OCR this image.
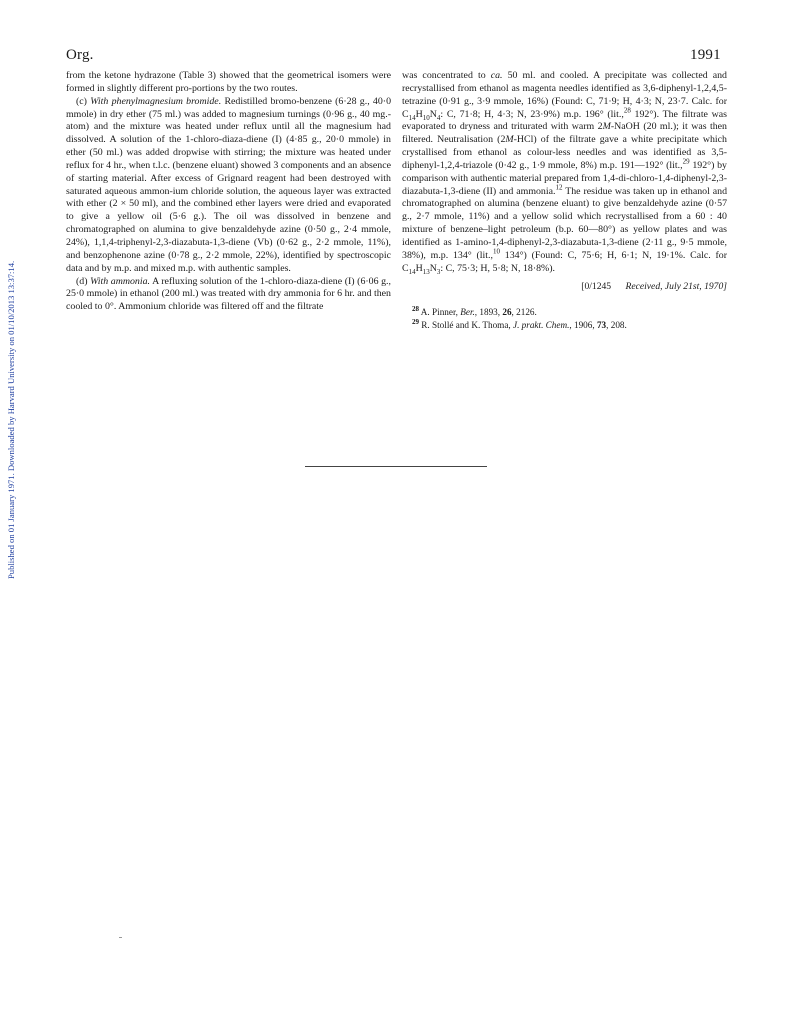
Org.	1991
Published on 01 January 1971. Downloaded by Harvard University on 01/10/2013 13:37:14.

from the ketone hydrazone (Table 3) showed that the geometrical isomers were formed in slightly different pro-portions by the two routes.

(c) With phenylmagnesium bromide. Redistilled bromo-benzene (6·28 g., 40·0 mmole) in dry ether (75 ml.) was added to magnesium turnings (0·96 g., 40 mg.-atom) and the mixture was heated under reflux until all the magnesium had dissolved. A solution of the 1-chloro-diaza-diene (I) (4·85 g., 20·0 mmole) in ether (50 ml.) was added dropwise with stirring; the mixture was heated under reflux for 4 hr., when t.l.c. (benzene eluant) showed 3 components and an absence of starting material. After excess of Grignard reagent had been destroyed with saturated aqueous ammon-ium chloride solution, the aqueous layer was extracted with ether (2 × 50 ml), and the combined ether layers were dried and evaporated to give a yellow oil (5·6 g.). The oil was dissolved in benzene and chromatographed on alumina to give benzaldehyde azine (0·50 g., 2·4 mmole, 24%), 1,1,4-triphenyl-2,3-diazabuta-1,3-diene (Vb) (0·62 g., 2·2 mmole, 11%), and benzophenone azine (0·78 g., 2·2 mmole, 22%), identified by spectroscopic data and by m.p. and mixed m.p. with authentic samples.

(d) With ammonia. A refluxing solution of the 1-chloro-diaza-diene (I) (6·06 g., 25·0 mmole) in ethanol (200 ml.) was treated with dry ammonia for 6 hr. and then cooled to 0°. Ammonium chloride was filtered off and the filtrate

was concentrated to ca. 50 ml. and cooled. A precipitate was collected and recrystallised from ethanol as magenta needles identified as 3,6-diphenyl-1,2,4,5-tetrazine (0·91 g., 3·9 mmole, 16%) (Found: C, 71·9; H, 4·3; N, 23·7. Calc. for $C_{14}H_{10}N_4$: C, 71·8; H, 4·3; N, 23·9%) m.p. 196° (lit.,$^{28}$ 192°). The filtrate was evaporated to dryness and triturated with warm 2M-NaOH (20 ml.); it was then filtered. Neutralisation (2M-HCl) of the filtrate gave a white precipitate which crystallised from ethanol as colour-less needles and was identified as 3,5-diphenyl-1,2,4-triazole (0·42 g., 1·9 mmole, 8%) m.p. 191—192° (lit.,$^{29}$ 192°) by comparison with authentic material prepared from 1,4-di-chloro-1,4-diphenyl-2,3-diazabuta-1,3-diene (II) and ammonia.$^{12}$ The residue was taken up in ethanol and chromatographed on alumina (benzene eluant) to give benzaldehyde azine (0·57 g., 2·7 mmole, 11%) and a yellow solid which recrystallised from a 60 : 40 mixture of benzene–light petroleum (b.p. 60—80°) as yellow plates and was identified as 1-amino-1,4-diphenyl-2,3-diazabuta-1,3-diene (2·11 g., 9·5 mmole, 38%), m.p. 134° (lit.,$^{10}$ 134°) (Found: C, 75·6; H, 6·1; N, 19·1%. Calc. for $C_{14}H_{13}N_3$: C, 75·3; H, 5·8; N, 18·8%).

[0/1245 Received, July 21st, 1970]

$^{28}$ A. Pinner, Ber., 1893, 26, 2126.

$^{29}$ R. Stollé and K. Thoma, J. prakt. Chem., 1906, 73, 208.
